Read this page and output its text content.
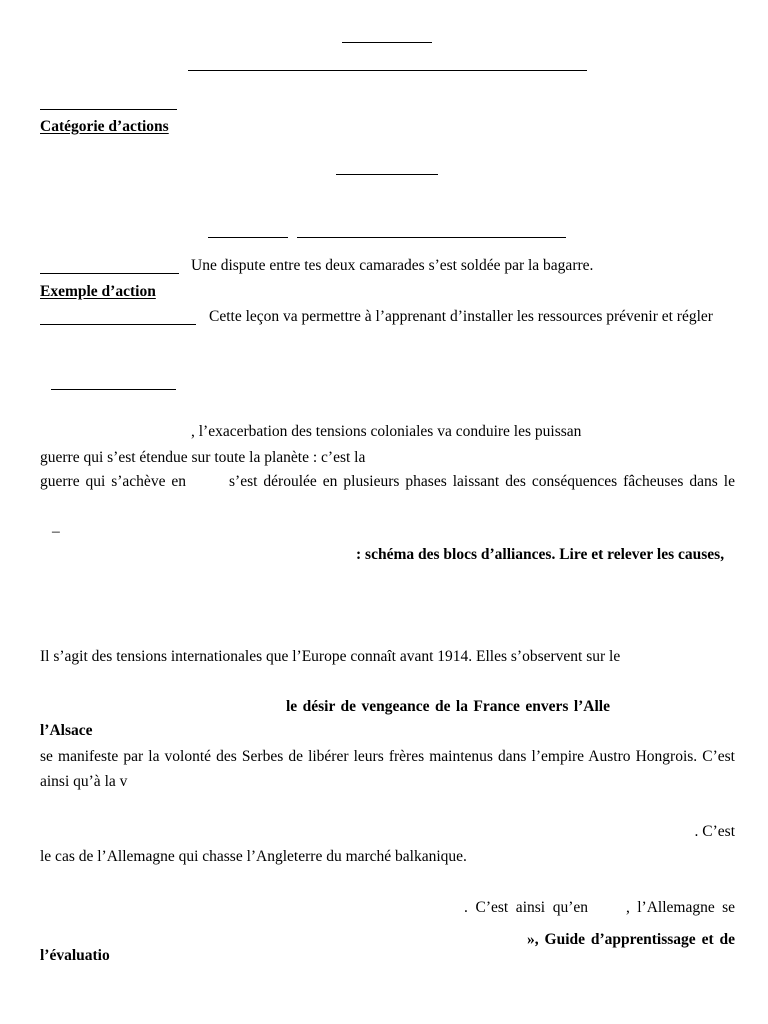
Catégorie d’actions
Une dispute entre tes deux camarades s’est soldée par la bagarre.
Exemple d’action
Cette leçon va permettre à l’apprenant d’installer les ressources prévenir et régler
, l’exacerbation des tensions coloniales va conduire les puissan
guerre qui s’est étendue sur toute la planète : c’est la
guerre qui s’achève en	s’est déroulée en plusieurs phases laissant des conséquences fâcheuses dans le
–
: schéma des blocs d’alliances. Lire et relever les causes,
Il s’agit des tensions internationales que l’Europe connaît avant 1914. Elles s’observent sur le
le désir de vengeance de la France envers l’Alle
l’Alsace
se manifeste par la volonté des Serbes de libérer leurs frères maintenus dans l’empire Austro Hongrois. C’est
ainsi qu’à la v
. C’est
le cas de l’Allemagne qui chasse l’Angleterre du marché balkanique.
. C’est ainsi qu’en , l’Allemagne se
», Guide d’apprentissage et de
l’évaluatio
